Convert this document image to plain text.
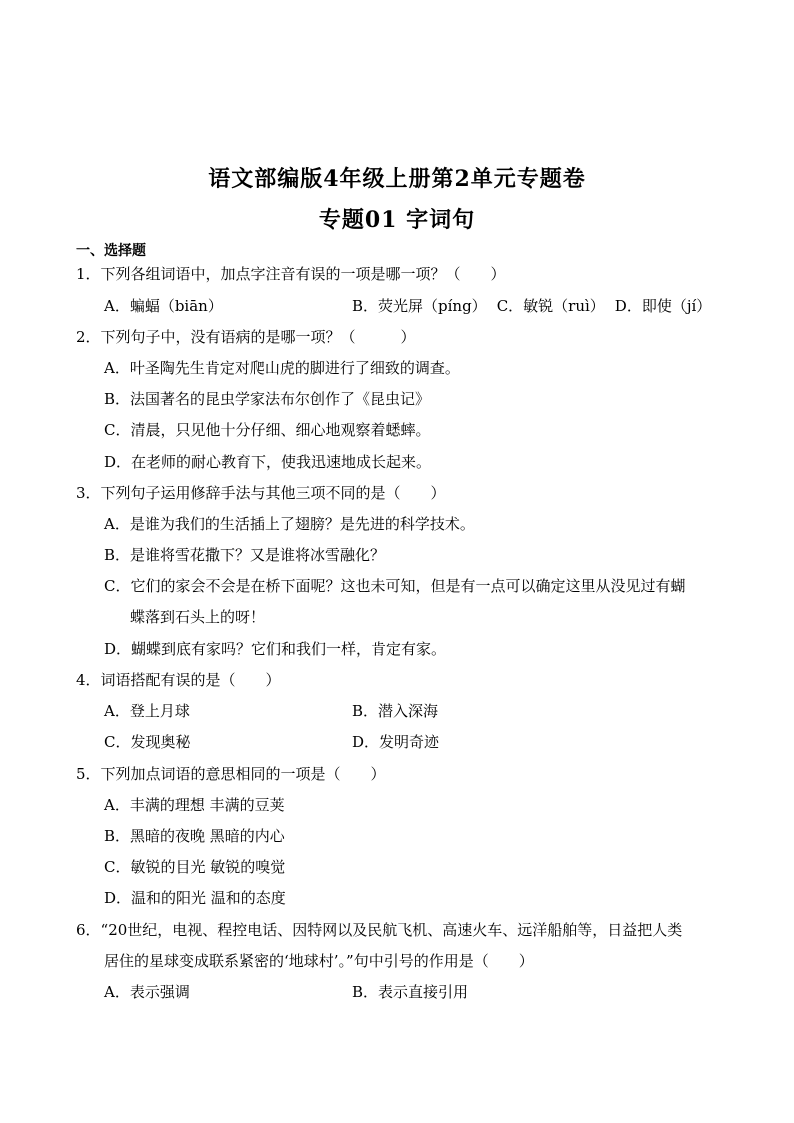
语文部编版4年级上册第2单元专题卷
专题01 字词句
一、选择题
1．下列各组词语中，加点字注音有误的一项是哪一项？（　　）
A．蝙蝠（biān）	B．荧光屏（píng） C．敏锐（ruì） D．即使（jí）
2．下列句子中，没有语病的是哪一项？（　　　）
A．叶圣陶先生肯定对爬山虎的脚进行了细致的调查。
B．法国著名的昆虫学家法布尔创作了《昆虫记》
C．清晨，只见他十分仔细、细心地观察着蟋蟀。
D．在老师的耐心教育下，使我迅速地成长起来。
3．下列句子运用修辞手法与其他三项不同的是（　　）
A．是谁为我们的生活插上了翅膀？是先进的科学技术。
B．是谁将雪花撒下？又是谁将冰雪融化？
C．它们的家会不会是在桥下面呢？这也未可知，但是有一点可以确定这里从没见过有蝴
蝶落到石头上的呀！
D．蝴蝶到底有家吗？它们和我们一样，肯定有家。
4．词语搭配有误的是（　　）
A．登上月球	B．潜入深海
C．发现奥秘	D．发明奇迹
5．下列加点词语的意思相同的一项是（　　）
A．丰满的理想 丰满的豆荚
B．黑暗的夜晚 黑暗的内心
C．敏锐的目光 敏锐的嗅觉
D．温和的阳光 温和的态度
6．“20世纪，电视、程控电话、因特网以及民航飞机、高速火车、远洋船舶等，日益把人类
居住的星球变成联系紧密的‘地球村’。”句中引号的作用是（　　）
A．表示强调	B．表示直接引用
